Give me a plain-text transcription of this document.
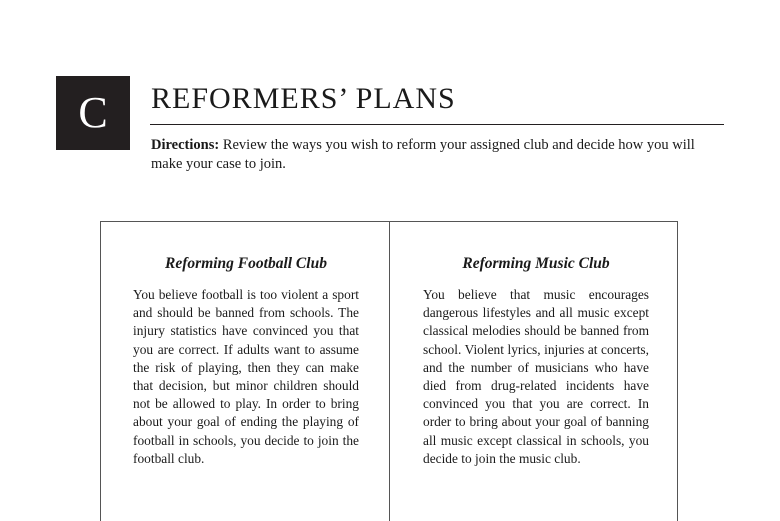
C REFORMERS’ PLANS
Directions: Review the ways you wish to reform your assigned club and decide how you will make your case to join.
Reforming Football Club

You believe football is too violent a sport and should be banned from schools. The injury statistics have convinced you that you are correct. If adults want to assume the risk of playing, then they can make that decision, but minor children should not be allowed to play. In order to bring about your goal of ending the playing of football in schools, you decide to join the football club.

Reforming Music Club

You believe that music encourages dangerous lifestyles and all music except classical melodies should be banned from school. Violent lyrics, injuries at concerts, and the number of musicians who have died from drug-related incidents have convinced you that you are correct. In order to bring about your goal of banning all music except classical in schools, you decide to join the music club.
